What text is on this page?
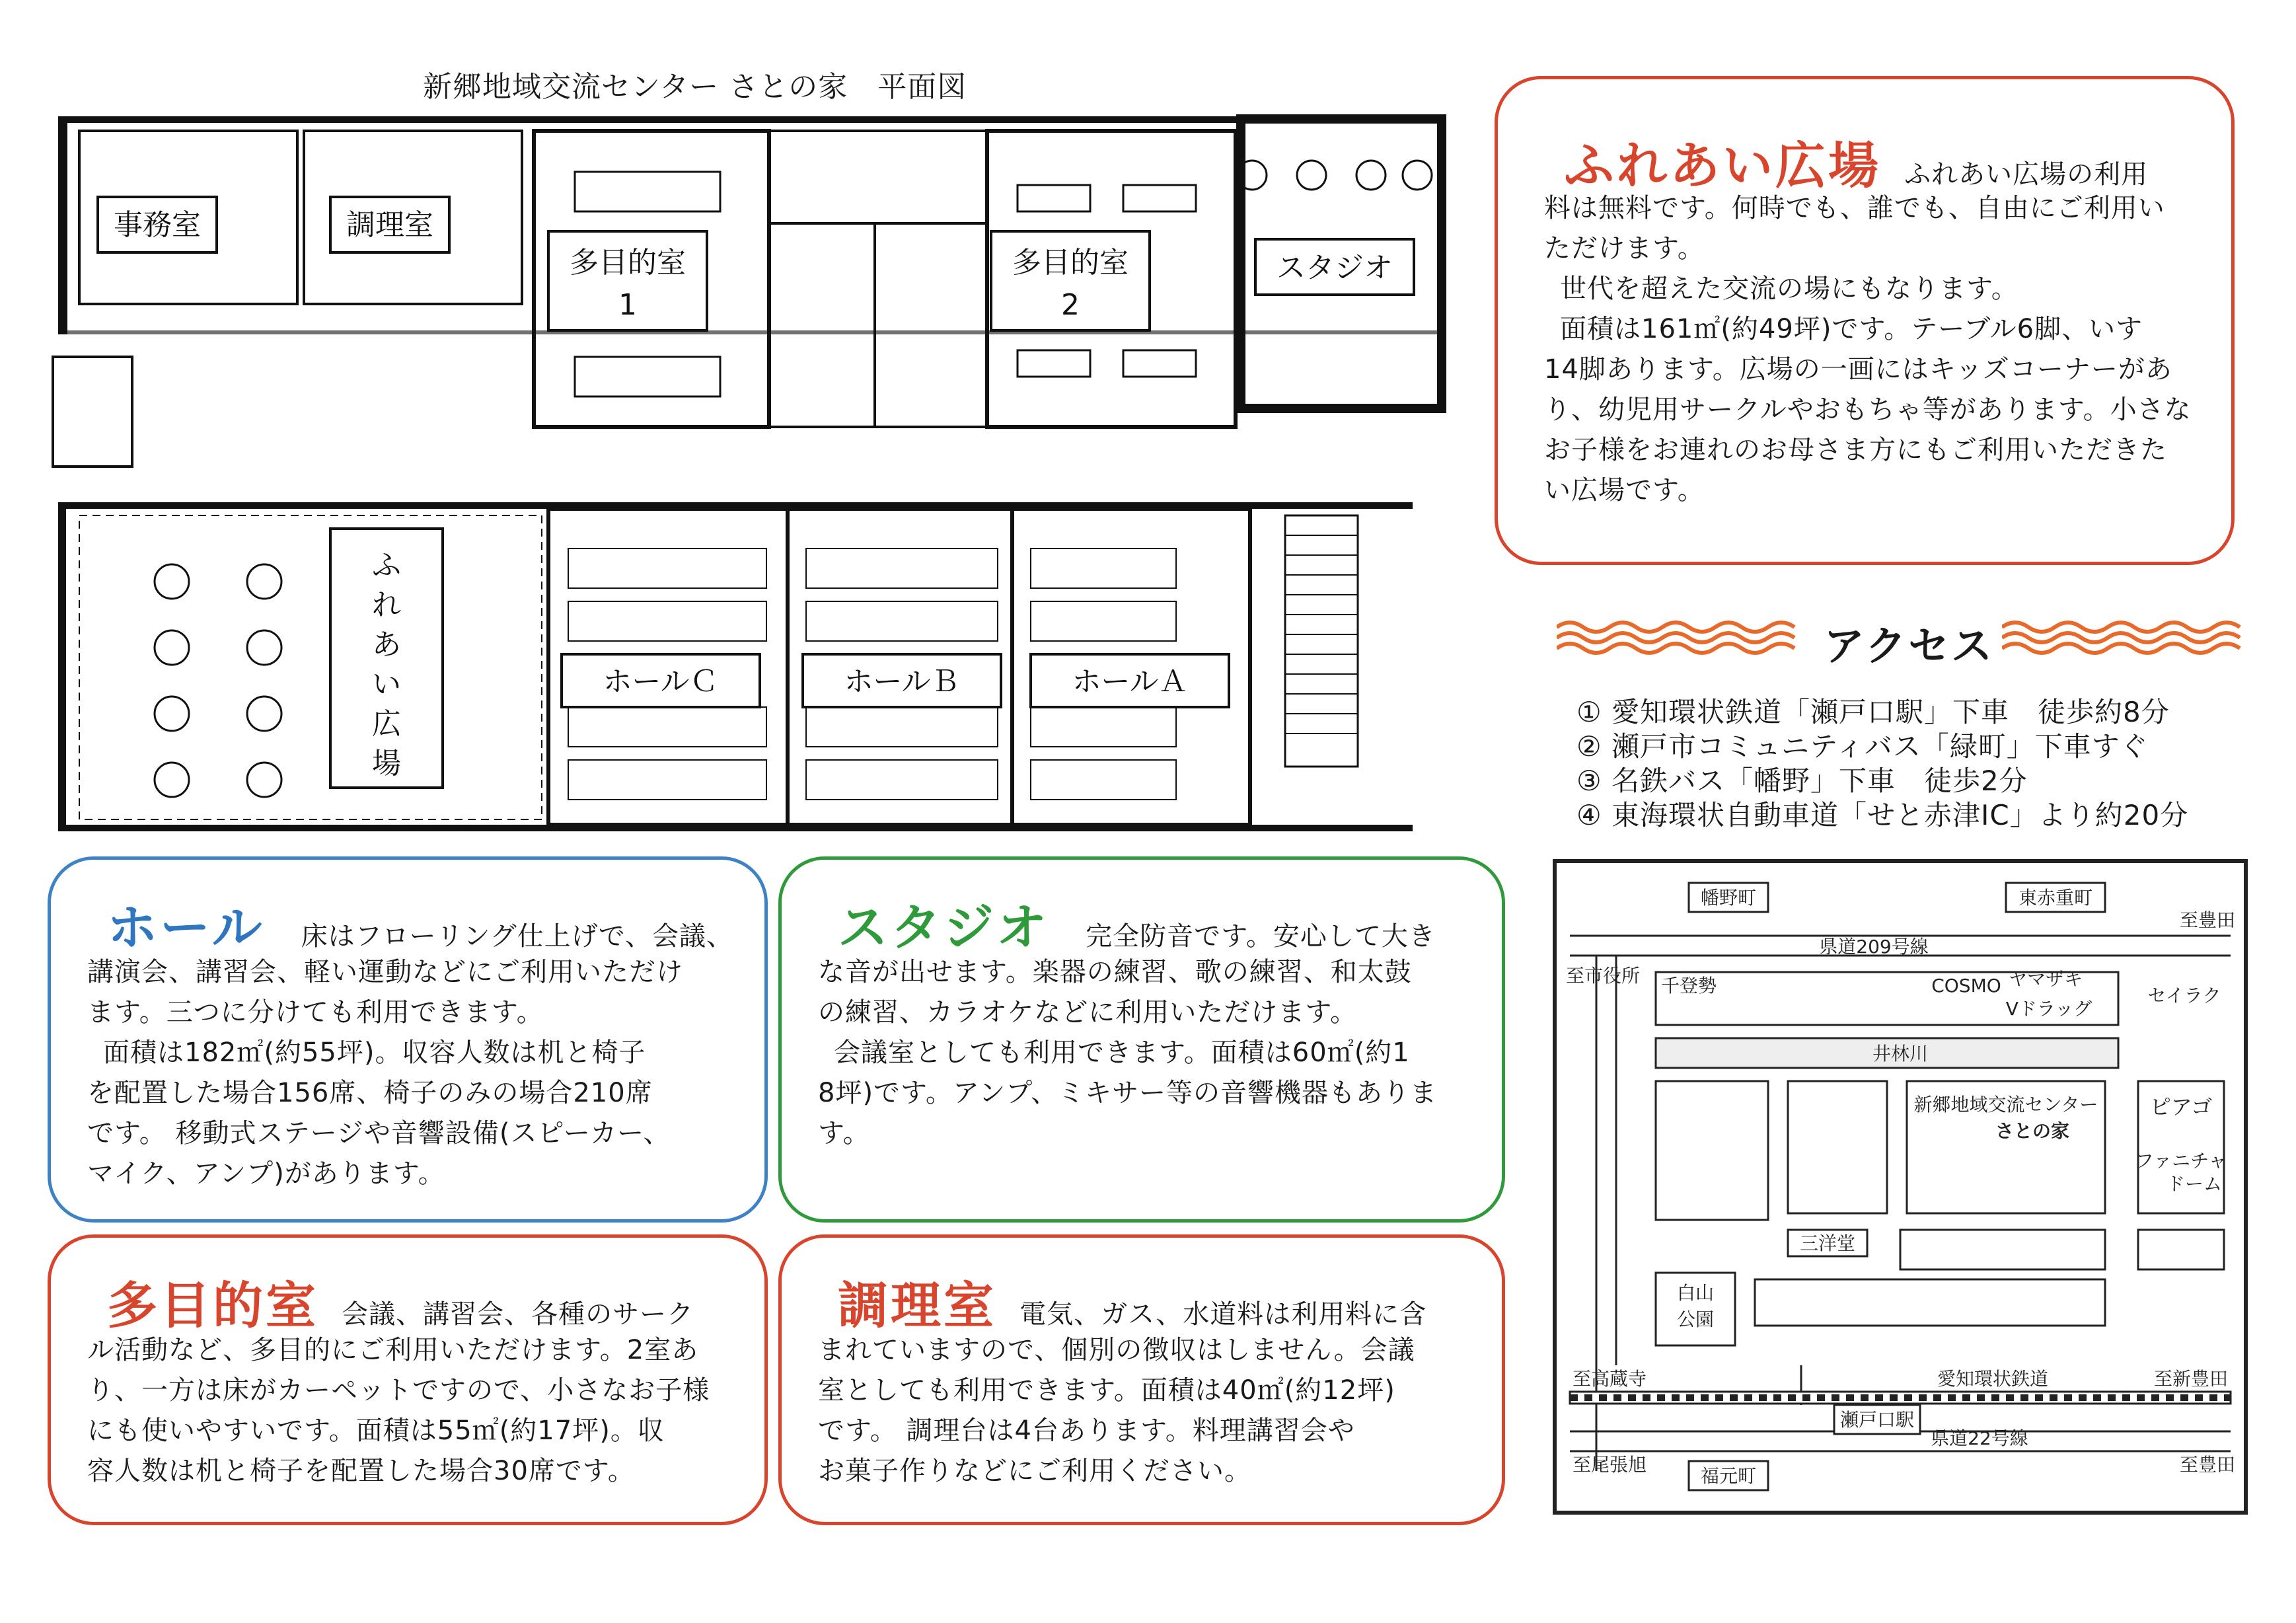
新郷地域交流センター さとの家　平面図
事務室	調理室
多目的室
1
多目的室
2
スタジオ
ふ
れ
あ
い
広
場
ホールＣ	ホールＢ	ホールＡ
ふれあい広場 ふれあい広場の利用
料は無料です。何時でも、誰でも、自由にご利用い
ただけます。
世代を超えた交流の場にもなります。
面積は161㎡(約49坪)です。テーブル6脚、いす
14脚あります。広場の一画にはキッズコーナーがあ
り、幼児用サークルやおもちゃ等があります。小さな
お子様をお連れのお母さま方にもご利用いただきた
い広場です。
アクセス
① 愛知環状鉄道「瀬戸口駅」下車　徒歩約8分
② 瀬戸市コミュニティバス「緑町」下車すぐ
③ 名鉄バス「幡野」下車　徒歩2分
④ 東海環状自動車道「せと赤津IC」より約20分
幡野町	東赤重町
県道209号線
至豊田
至市役所 千登勢	COSMO ヤマザキ
Vドラッグ
セイラク
井林川
新郷地域交流センター
さとの家
ピアゴ
ファニチャ
ドーム
三洋堂
白山
公園
至高蔵寺	愛知環状鉄道	至新豊田
瀬戸口駅
県道22号線
至尾張旭
福元町
至豊田
ホール 床はフローリング仕上げで、会議、
講演会、講習会、軽い運動などにご利用いただけ
ます。三つに分けても利用できます。
面積は182㎡(約55坪)。収容人数は机と椅子
を配置した場合156席、椅子のみの場合210席
です。 移動式ステージや音響設備(スピーカー、
マイク、アンプ)があります。
スタジオ 完全防音です。安心して大き
な音が出せます。楽器の練習、歌の練習、和太鼓
の練習、カラオケなどに利用いただけます。
会議室としても利用できます。面積は60㎡(約1
8坪)です。アンプ、ミキサー等の音響機器もありま
す。
多目的室 会議、講習会、各種のサーク
ル活動など、多目的にご利用いただけます。2室あ
り、一方は床がカーペットですので、小さなお子様
にも使いやすいです。面積は55㎡(約17坪)。収
容人数は机と椅子を配置した場合30席です。
調理室 電気、ガス、水道料は利用料に含
まれていますので、個別の徴収はしません。会議
室としても利用できます。面積は40㎡(約12坪)
です。 調理台は4台あります。料理講習会や
お菓子作りなどにご利用ください。
